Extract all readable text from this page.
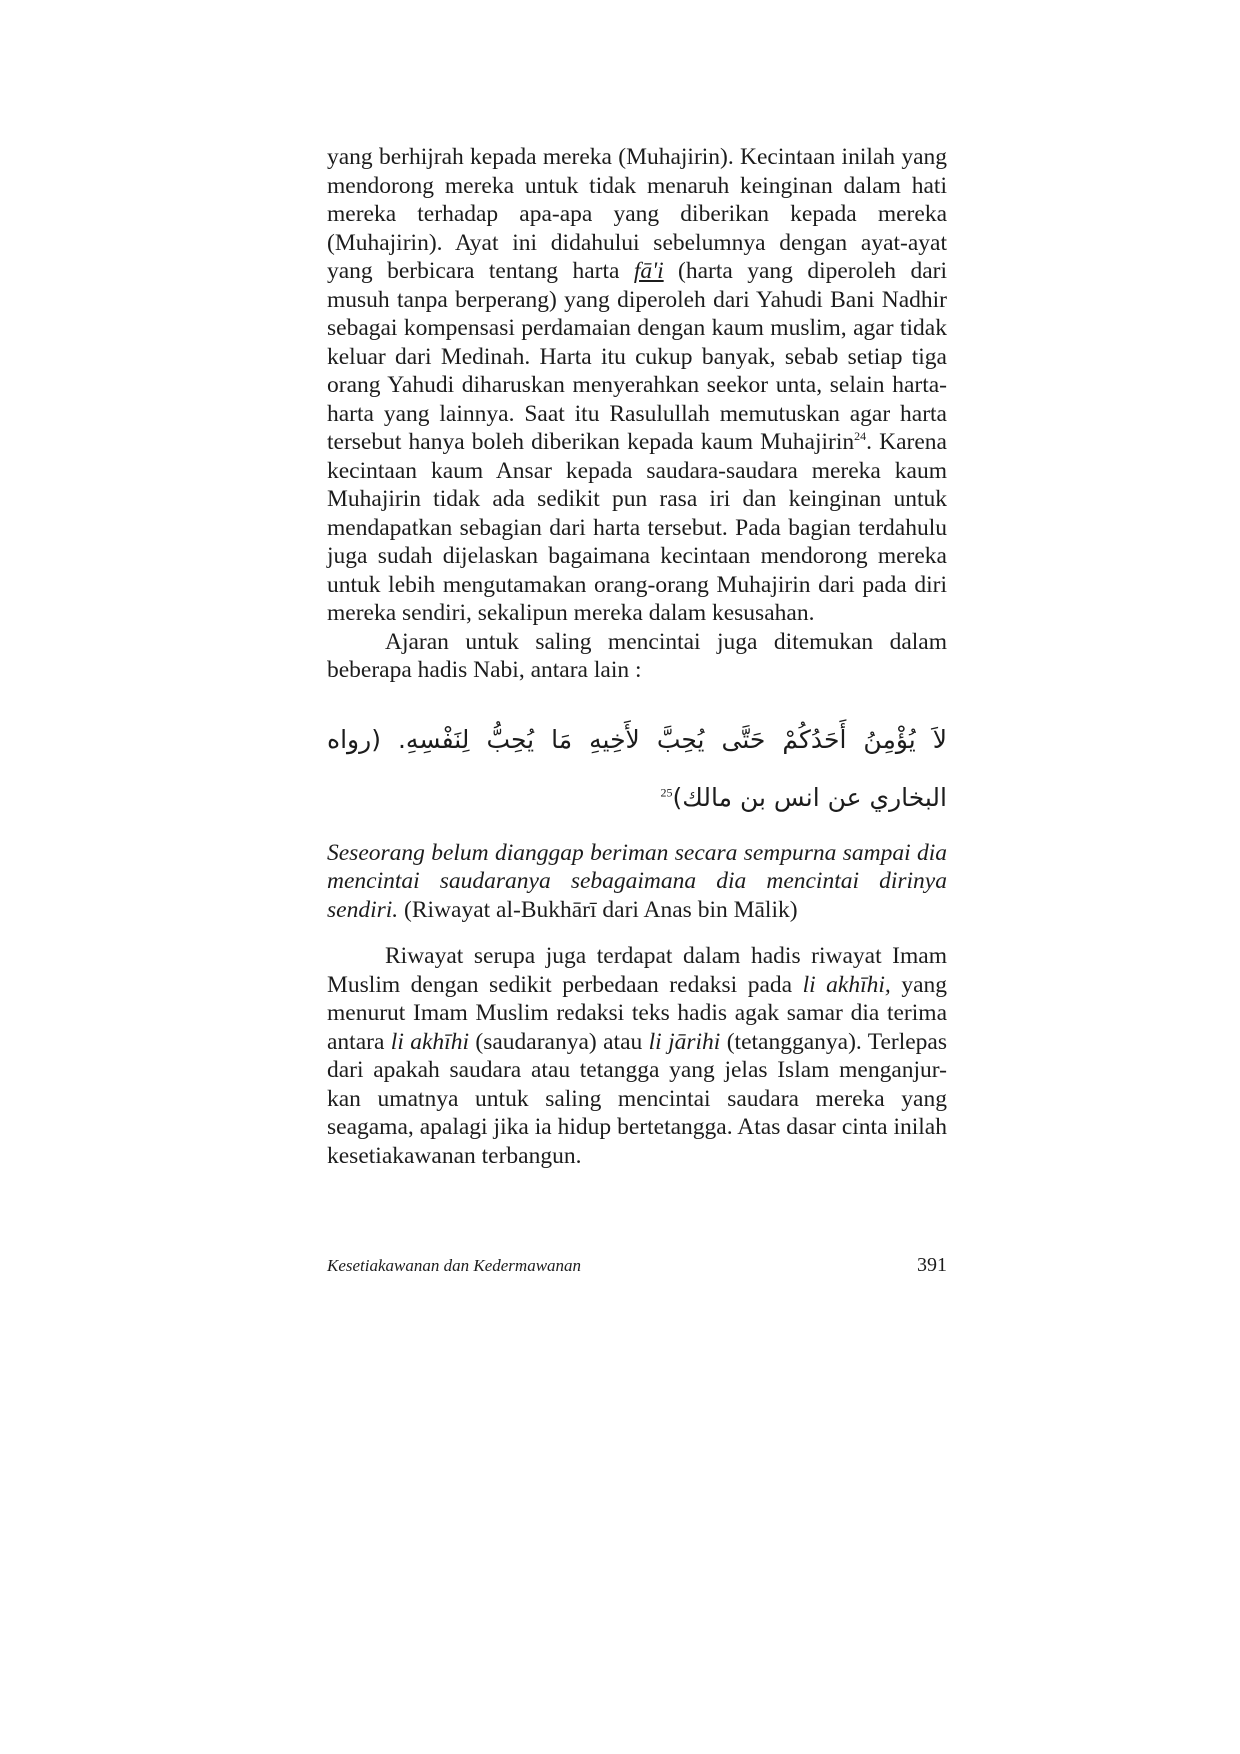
yang berhijrah kepada mereka (Muhajirin). Kecintaan inilah yang mendorong mereka untuk tidak menaruh keinginan dalam hati mereka terhadap apa-apa yang diberikan kepada mereka (Muhajirin). Ayat ini didahului sebelumnya dengan ayat-ayat yang berbicara tentang harta fā'i (harta yang diperoleh dari musuh tanpa berperang) yang diperoleh dari Yahudi Bani Nadhir sebagai kompensasi perdamaian dengan kaum muslim, agar tidak keluar dari Medinah. Harta itu cukup banyak, sebab setiap tiga orang Yahudi diharuskan menyerahkan seekor unta, selain harta-harta yang lainnya. Saat itu Rasulullah memutuskan agar harta tersebut hanya boleh diberikan kepada kaum Muhajirin$^{24}$. Karena kecintaan kaum Ansar kepada saudara-saudara mereka kaum Muhajirin tidak ada sedikit pun rasa iri dan keinginan untuk mendapatkan sebagian dari harta tersebut. Pada bagian terdahulu juga sudah dijelaskan bagaimana kecintaan mendorong mereka untuk lebih mengutamakan orang-orang Muhajirin dari pada diri mereka sendiri, sekalipun mereka dalam kesusahan.

Ajaran untuk saling mencintai juga ditemukan dalam beberapa hadis Nabi, antara lain :

لاَ يُؤْمِنُ أَحَدُكُمْ حَتَّى يُحِبَّ لأَخِيهِ مَا يُحِبُّ لِنَفْسِهِ. (رواه البخاري عن انس بن مالك)$^{25}$

Seseorang belum dianggap beriman secara sempurna sampai dia mencintai saudaranya sebagaimana dia mencintai dirinya sendiri. (Riwayat al-Bukhārī dari Anas bin Mālik)

Riwayat serupa juga terdapat dalam hadis riwayat Imam Muslim dengan sedikit perbedaan redaksi pada li akhīhi, yang menurut Imam Muslim redaksi teks hadis agak samar dia terima antara li akhīhi (saudaranya) atau li jārihi (tetangganya). Terlepas dari apakah saudara atau tetangga yang jelas Islam menganjur-kan umatnya untuk saling mencintai saudara mereka yang seagama, apalagi jika ia hidup bertetangga. Atas dasar cinta inilah kesetiakawanan terbangun.

Kesetiakawanan dan Kedermawanan	391
